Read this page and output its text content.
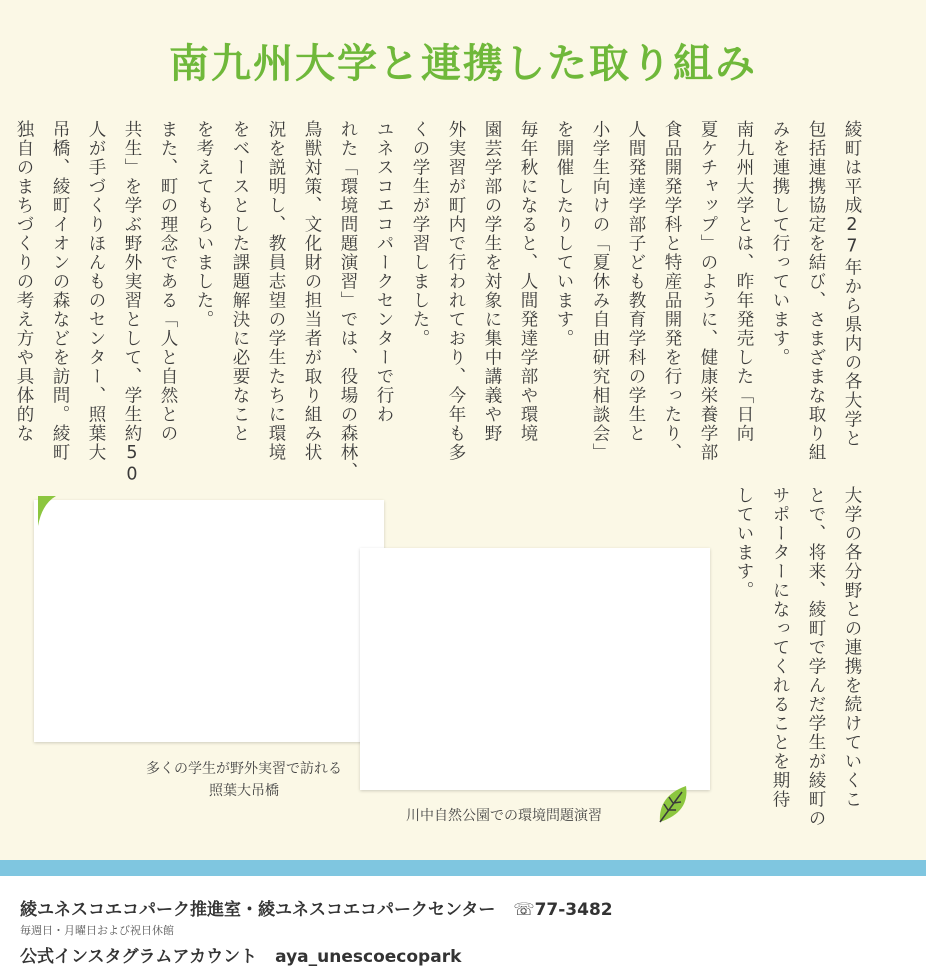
南九州大学と連携した取り組み

綾町は平成27年から県内の各大学と

包括連携協定を結び、さまざまな取り組

みを連携して行っています。

南九州大学とは、昨年発売した「日向

夏ケチャップ」のように、健康栄養学部

食品開発学科と特産品開発を行ったり、

人間発達学部子ども教育学科の学生と

小学生向けの「夏休み自由研究相談会」

を開催したりしています。

毎年秋になると、人間発達学部や環境

園芸学部の学生を対象に集中講義や野

外実習が町内で行われており、今年も多

くの学生が学習しました。

ユネスコエコパークセンターで行わ

れた「環境問題演習」では、役場の森林、

鳥獣対策、文化財の担当者が取り組み状

況を説明し、教員志望の学生たちに環境

をベースとした課題解決に必要なこと

を考えてもらいました。

また、町の理念である「人と自然との

共生」を学ぶ野外実習として、学生約50

人が手づくりほんものセンター、照葉大

吊橋、綾町イオンの森などを訪問。綾町

独自のまちづくりの考え方や具体的な

大学の各分野との連携を続けていくこ

とで、将来、綾町で学んだ学生が綾町の

サポーターになってくれることを期待

しています。

多くの学生が野外実習で訪れる
照葉大吊橋
川中自然公園での環境問題演習
綾ユネスコエコパーク推進室・綾ユネスコエコパークセンター ☏77-3482
毎週日・月曜日および祝日休館
公式インスタグラムアカウント aya_unescoecopark
